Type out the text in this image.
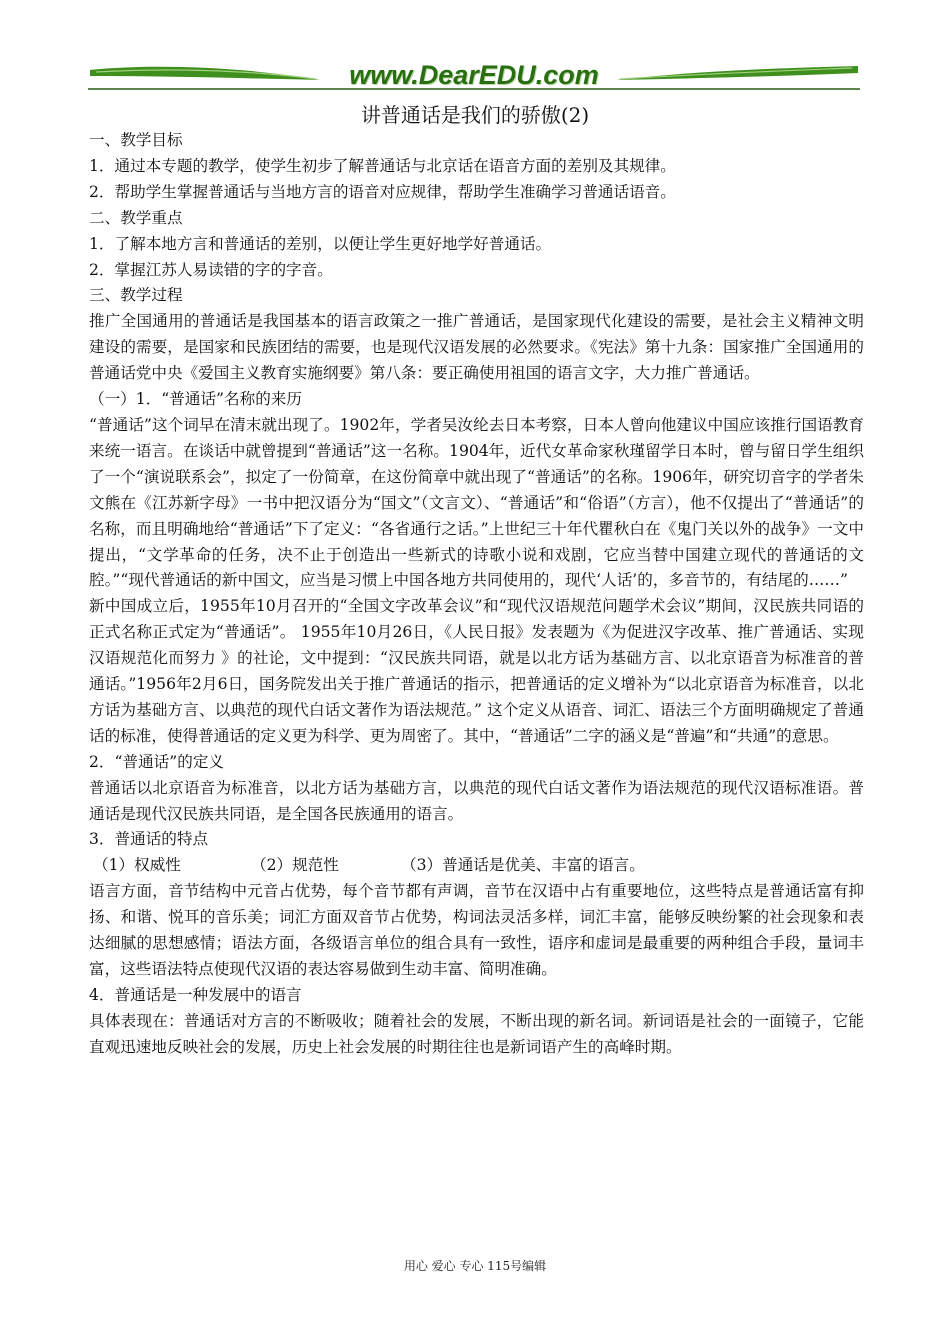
www.DearEDU.com
讲普通话是我们的骄傲(2)

一、教学目标

1．通过本专题的教学，使学生初步了解普通话与北京话在语音方面的差别及其规律。

2．帮助学生掌握普通话与当地方言的语音对应规律，帮助学生准确学习普通话语音。

二、教学重点

1．了解本地方言和普通话的差别，以便让学生更好地学好普通话。

2．掌握江苏人易读错的字的字音。

三、教学过程

推广全国通用的普通话是我国基本的语言政策之一推广普通话，是国家现代化建设的需要，是社会主义精神文明建设的需要，是国家和民族团结的需要，也是现代汉语发展的必然要求。《宪法》第十九条：国家推广全国通用的普通话党中央《爱国主义教育实施纲要》第八条：要正确使用祖国的语言文字，大力推广普通话。

（一）1．“普通话”名称的来历

“普通话”这个词早在清末就出现了。1902年，学者吴汝纶去日本考察，日本人曾向他建议中国应该推行国语教育来统一语言。在谈话中就曾提到“普通话”这一名称。1904年，近代女革命家秋瑾留学日本时，曾与留日学生组织了一个“演说联系会”，拟定了一份简章，在这份简章中就出现了“普通话”的名称。1906年，研究切音字的学者朱文熊在《江苏新字母》一书中把汉语分为“国文”（文言文）、“普通话”和“俗语”（方言），他不仅提出了“普通话”的名称，而且明确地给“普通话”下了定义：“各省通行之话。”上世纪三十年代瞿秋白在《鬼门关以外的战争》一文中提出，“文学革命的任务，决不止于创造出一些新式的诗歌小说和戏剧，它应当替中国建立现代的普通话的文腔。”“现代普通话的新中国文，应当是习惯上中国各地方共同使用的，现代‘人话’的，多音节的，有结尾的……”

新中国成立后，1955年10月召开的“全国文字改革会议”和“现代汉语规范问题学术会议”期间，汉民族共同语的正式名称正式定为“普通话”。 1955年10月26日，《人民日报》发表题为《为促进汉字改革、推广普通话、实现汉语规范化而努力 》的社论，文中提到：“汉民族共同语，就是以北方话为基础方言、以北京语音为标准音的普通话。”1956年2月6日，国务院发出关于推广普通话的指示，把普通话的定义增补为“以北京语音为标准音，以北方话为基础方言、以典范的现代白话文著作为语法规范。” 这个定义从语音、词汇、语法三个方面明确规定了普通话的标准，使得普通话的定义更为科学、更为周密了。其中，“普通话”二字的涵义是“普遍”和“共通”的意思。

2．“普通话”的定义

普通话以北京语音为标准音，以北方话为基础方言，以典范的现代白话文著作为语法规范的现代汉语标准语。普通话是现代汉民族共同语，是全国各民族通用的语言。

3．普通话的特点

（1）权威性	（2）规范性	（3）普通话是优美、丰富的语言。

语言方面，音节结构中元音占优势，每个音节都有声调，音节在汉语中占有重要地位，这些特点是普通话富有抑扬、和谐、悦耳的音乐美；词汇方面双音节占优势，构词法灵活多样，词汇丰富，能够反映纷繁的社会现象和表达细腻的思想感情；语法方面，各级语言单位的组合具有一致性，语序和虚词是最重要的两种组合手段，量词丰富，这些语法特点使现代汉语的表达容易做到生动丰富、简明准确。

4．普通话是一种发展中的语言

具体表现在：普通话对方言的不断吸收；随着社会的发展，不断出现的新名词。新词语是社会的一面镜子，它能直观迅速地反映社会的发展，历史上社会发展的时期往往也是新词语产生的高峰时期。

用心 爱心 专心 115号编辑
